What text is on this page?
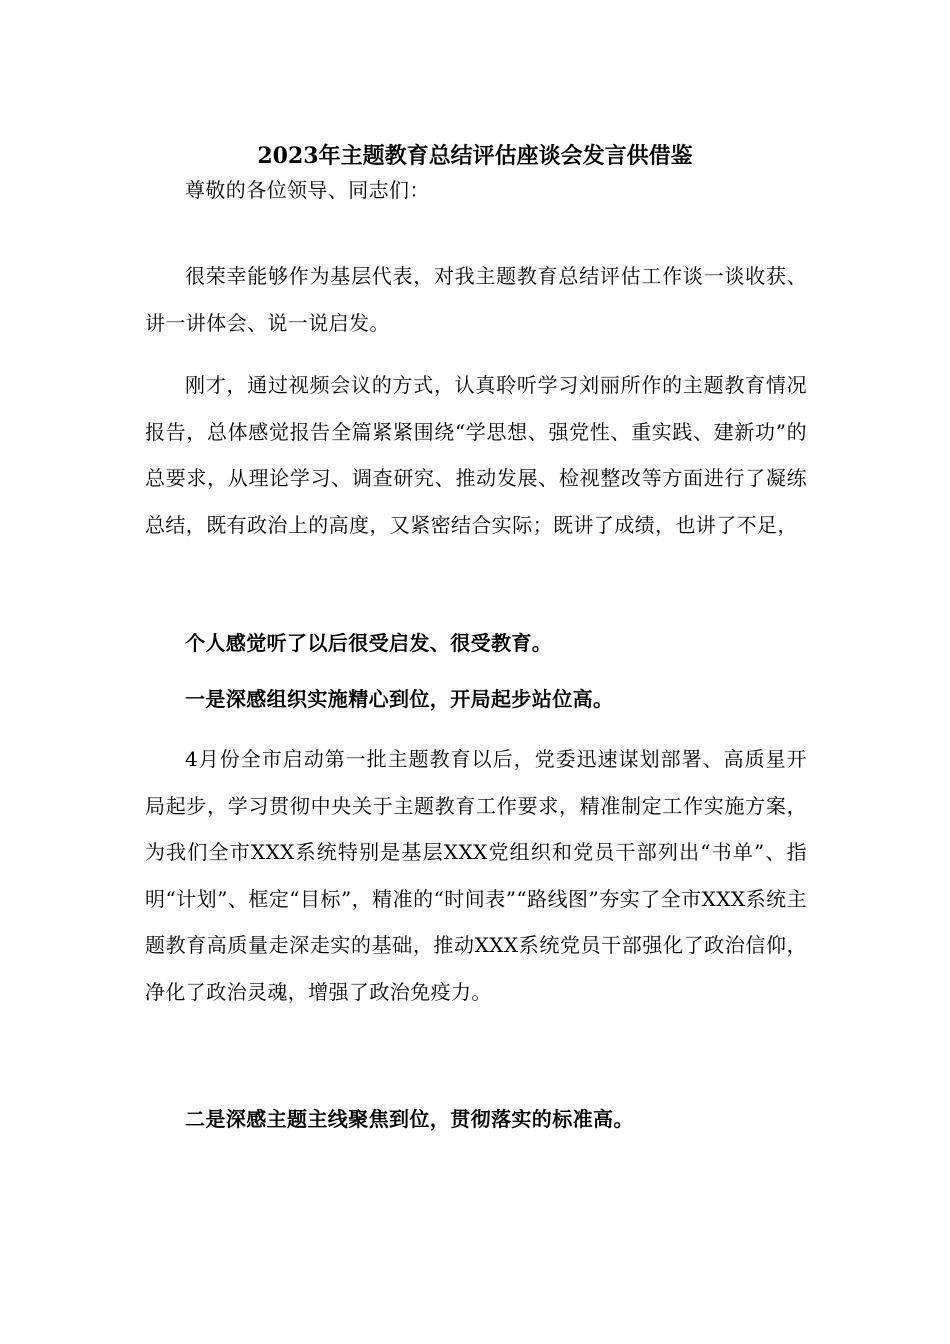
2023年主题教育总结评估座谈会发言供借鉴

尊敬的各位领导、同志们：

很荣幸能够作为基层代表，对我主题教育总结评估工作谈一谈收获、讲一讲体会、说一说启发。

刚才，通过视频会议的方式，认真聆听学习刘丽所作的主题教育情况报告，总体感觉报告全篇紧紧围绕“学思想、强党性、重实践、建新功”的总要求，从理论学习、调查研究、推动发展、检视整改等方面进行了凝练总结，既有政治上的高度，又紧密结合实际；既讲了成绩，也讲了不足，

个人感觉听了以后很受启发、很受教育。

一是深感组织实施精心到位，开局起步站位高。

4月份全市启动第一批主题教育以后，党委迅速谋划部署、高质星开局起步，学习贯彻中央关于主题教育工作要求，精准制定工作实施方案，为我们全市XXX系统特别是基层XXX党组织和党员干部列出“书单”、指明“计划”、框定“目标”，精准的“时间表”“路线图”夯实了全市XXX系统主题教育高质量走深走实的基础，推动XXX系统党员干部强化了政治信仰，净化了政治灵魂，增强了政治免疫力。

二是深感主题主线聚焦到位，贯彻落实的标准高。
